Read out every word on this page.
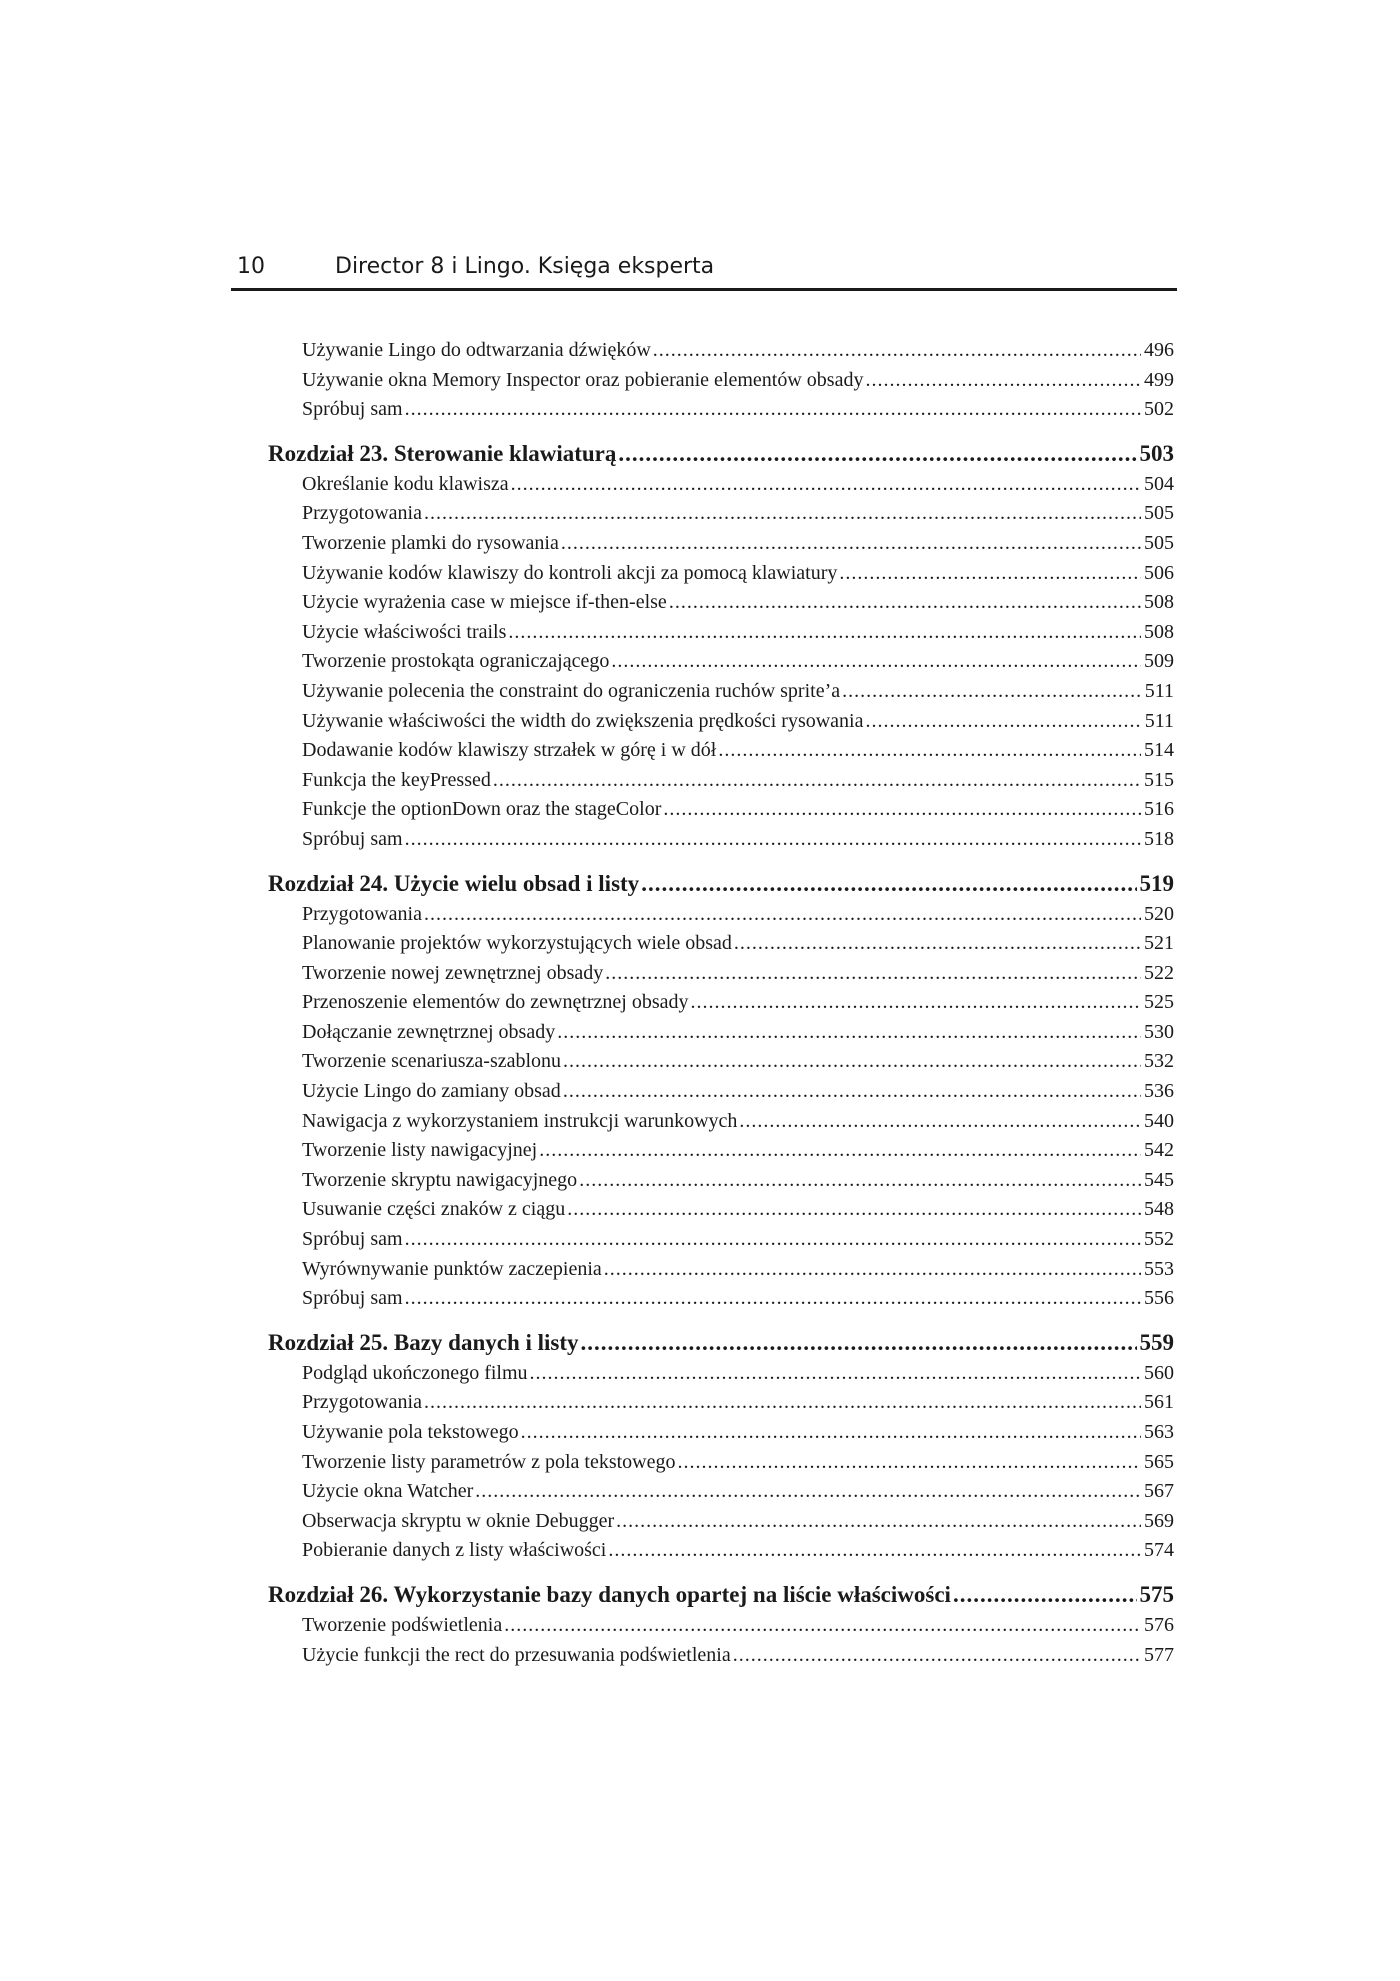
10	Director 8 i Lingo. Księga eksperta
Używanie Lingo do odtwarzania dźwięków .....	496
Używanie okna Memory Inspector oraz pobieranie elementów obsady .....	499
Spróbuj sam .....	502
Rozdział 23. Sterowanie klawiaturą .....	503
Określanie kodu klawisza .....	504
Przygotowania .....	505
Tworzenie plamki do rysowania .....	505
Używanie kodów klawiszy do kontroli akcji za pomocą klawiatury .....	506
Użycie wyrażenia case w miejsce if-then-else .....	508
Użycie właściwości trails .....	508
Tworzenie prostokąta ograniczającego .....	509
Używanie polecenia the constraint do ograniczenia ruchów sprite’a .....	511
Używanie właściwości the width do zwiększenia prędkości rysowania .....	511
Dodawanie kodów klawiszy strzałek w górę i w dół .....	514
Funkcja the keyPressed .....	515
Funkcje the optionDown oraz the stageColor .....	516
Spróbuj sam .....	518
Rozdział 24. Użycie wielu obsad i listy .....	519
Przygotowania .....	520
Planowanie projektów wykorzystujących wiele obsad .....	521
Tworzenie nowej zewnętrznej obsady .....	522
Przenoszenie elementów do zewnętrznej obsady .....	525
Dołączanie zewnętrznej obsady .....	530
Tworzenie scenariusza-szablonu .....	532
Użycie Lingo do zamiany obsad .....	536
Nawigacja z wykorzystaniem instrukcji warunkowych .....	540
Tworzenie listy nawigacyjnej .....	542
Tworzenie skryptu nawigacyjnego .....	545
Usuwanie części znaków z ciągu .....	548
Spróbuj sam .....	552
Wyrównywanie punktów zaczepienia .....	553
Spróbuj sam .....	556
Rozdział 25. Bazy danych i listy .....	559
Podgląd ukończonego filmu .....	560
Przygotowania .....	561
Używanie pola tekstowego .....	563
Tworzenie listy parametrów z pola tekstowego .....	565
Użycie okna Watcher .....	567
Obserwacja skryptu w oknie Debugger .....	569
Pobieranie danych z listy właściwości .....	574
Rozdział 26. Wykorzystanie bazy danych opartej na liście właściwości .....	575
Tworzenie podświetlenia .....	576
Użycie funkcji the rect do przesuwania podświetlenia .....	577
